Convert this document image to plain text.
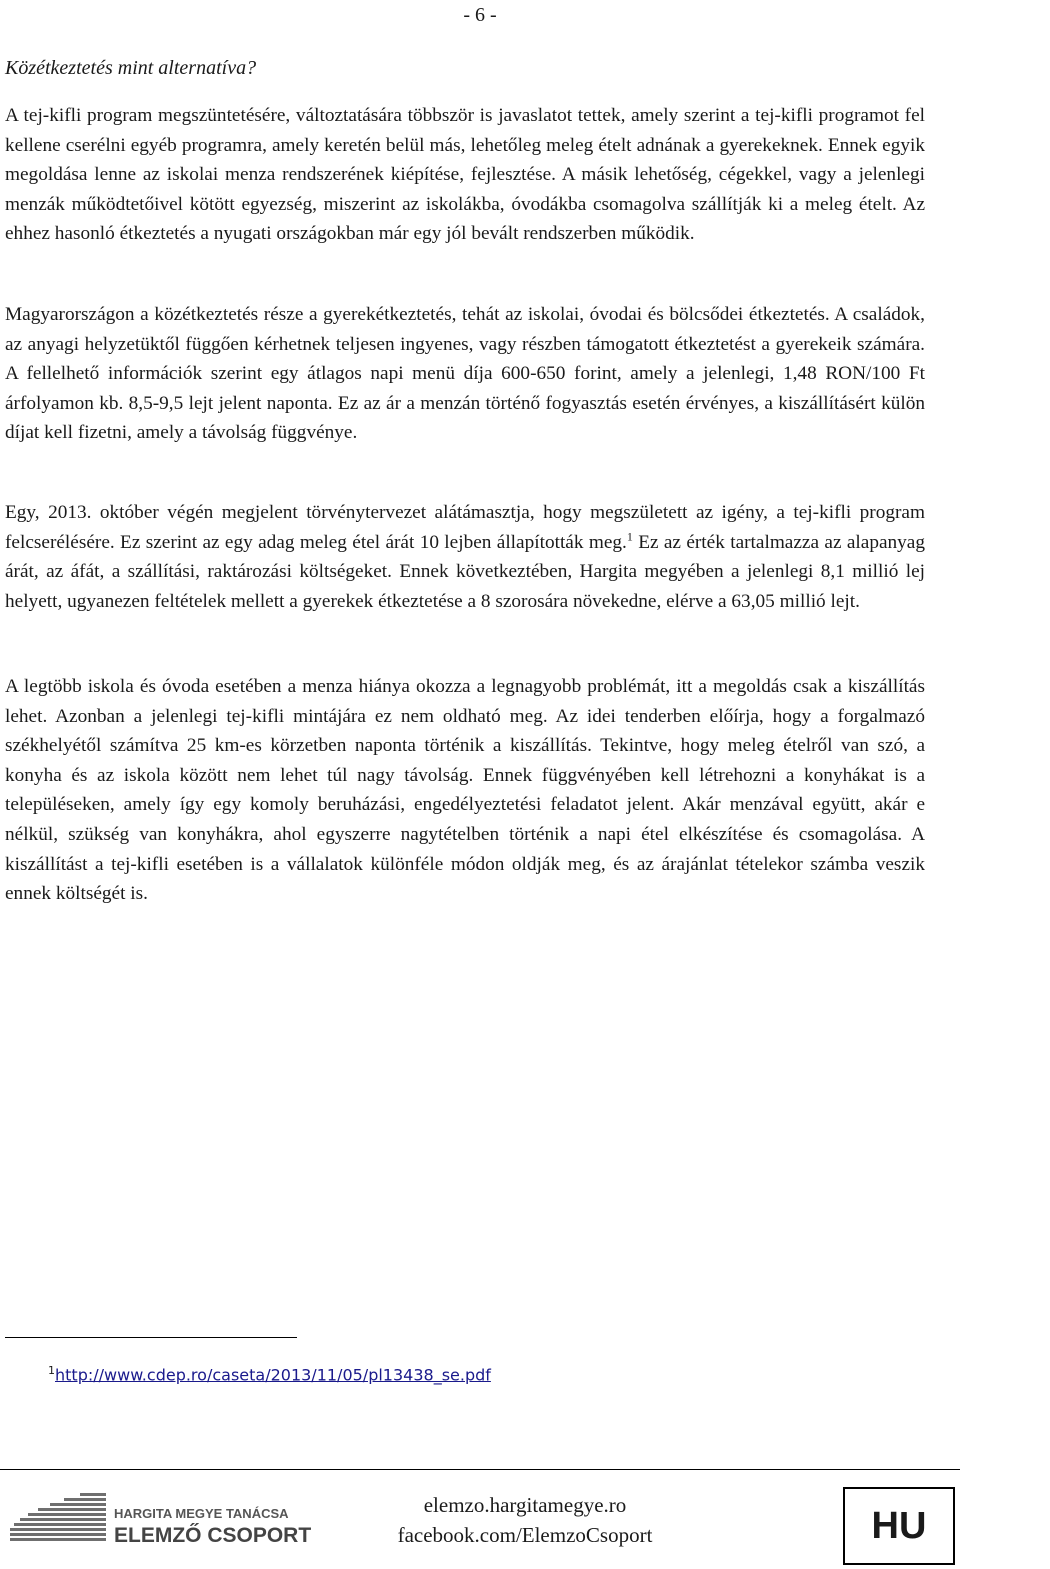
- 6 -
Közétkeztetés mint alternatíva?

A tej-kifli program megszüntetésére, változtatására többször is javaslatot tettek, amely szerint a tej-kifli programot fel kellene cserélni egyéb programra, amely keretén belül más, lehetőleg meleg ételt adnának a gyerekeknek. Ennek egyik megoldása lenne az iskolai menza rendszerének kiépítése, fejlesztése. A másik lehetőség, cégekkel, vagy a jelenlegi menzák működtetőivel kötött egyezség, miszerint az iskolákba, óvodákba csomagolva szállítják ki a meleg ételt. Az ehhez hasonló étkeztetés a nyugati országokban már egy jól bevált rendszerben működik.

Magyarországon a közétkeztetés része a gyerekétkeztetés, tehát az iskolai, óvodai és bölcsődei étkeztetés. A családok, az anyagi helyzetüktől függően kérhetnek teljesen ingyenes, vagy részben támogatott étkeztetést a gyerekeik számára. A fellelhető információk szerint egy átlagos napi menü díja 600-650 forint, amely a jelenlegi, 1,48 RON/100 Ft árfolyamon kb. 8,5-9,5 lejt jelent naponta. Ez az ár a menzán történő fogyasztás esetén érvényes, a kiszállításért külön díjat kell fizetni, amely a távolság függvénye.

Egy, 2013. október végén megjelent törvénytervezet alátámasztja, hogy megszületett az igény, a tej-kifli program felcserélésére. Ez szerint az egy adag meleg étel árát 10 lejben állapították meg.$^1$ Ez az érték tartalmazza az alapanyag árát, az áfát, a szállítási, raktározási költségeket. Ennek következtében, Hargita megyében a jelenlegi 8,1 millió lej helyett, ugyanezen feltételek mellett a gyerekek étkeztetése a 8 szorosára növekedne, elérve a 63,05 millió lejt.

A legtöbb iskola és óvoda esetében a menza hiánya okozza a legnagyobb problémát, itt a megoldás csak a kiszállítás lehet. Azonban a jelenlegi tej-kifli mintájára ez nem oldható meg. Az idei tenderben előírja, hogy a forgalmazó székhelyétől számítva 25 km-es körzetben naponta történik a kiszállítás. Tekintve, hogy meleg ételről van szó, a konyha és az iskola között nem lehet túl nagy távolság. Ennek függvényében kell létrehozni a konyhákat is a településeken, amely így egy komoly beruházási, engedélyeztetési feladatot jelent. Akár menzával együtt, akár e nélkül, szükség van konyhákra, ahol egyszerre nagytételben történik a napi étel elkészítése és csomagolása. A kiszállítást a tej-kifli esetében is a vállalatok különféle módon oldják meg, és az árajánlat tételekor számba veszik ennek költségét is.

$^1$http://www.cdep.ro/caseta/2013/11/05/pl13438_se.pdf
HARGITA MEGYE TANÁCSA
ELEMZŐ CSOPORT
elemzo.hargitamegye.ro
facebook.com/ElemzoCsoport	HU
